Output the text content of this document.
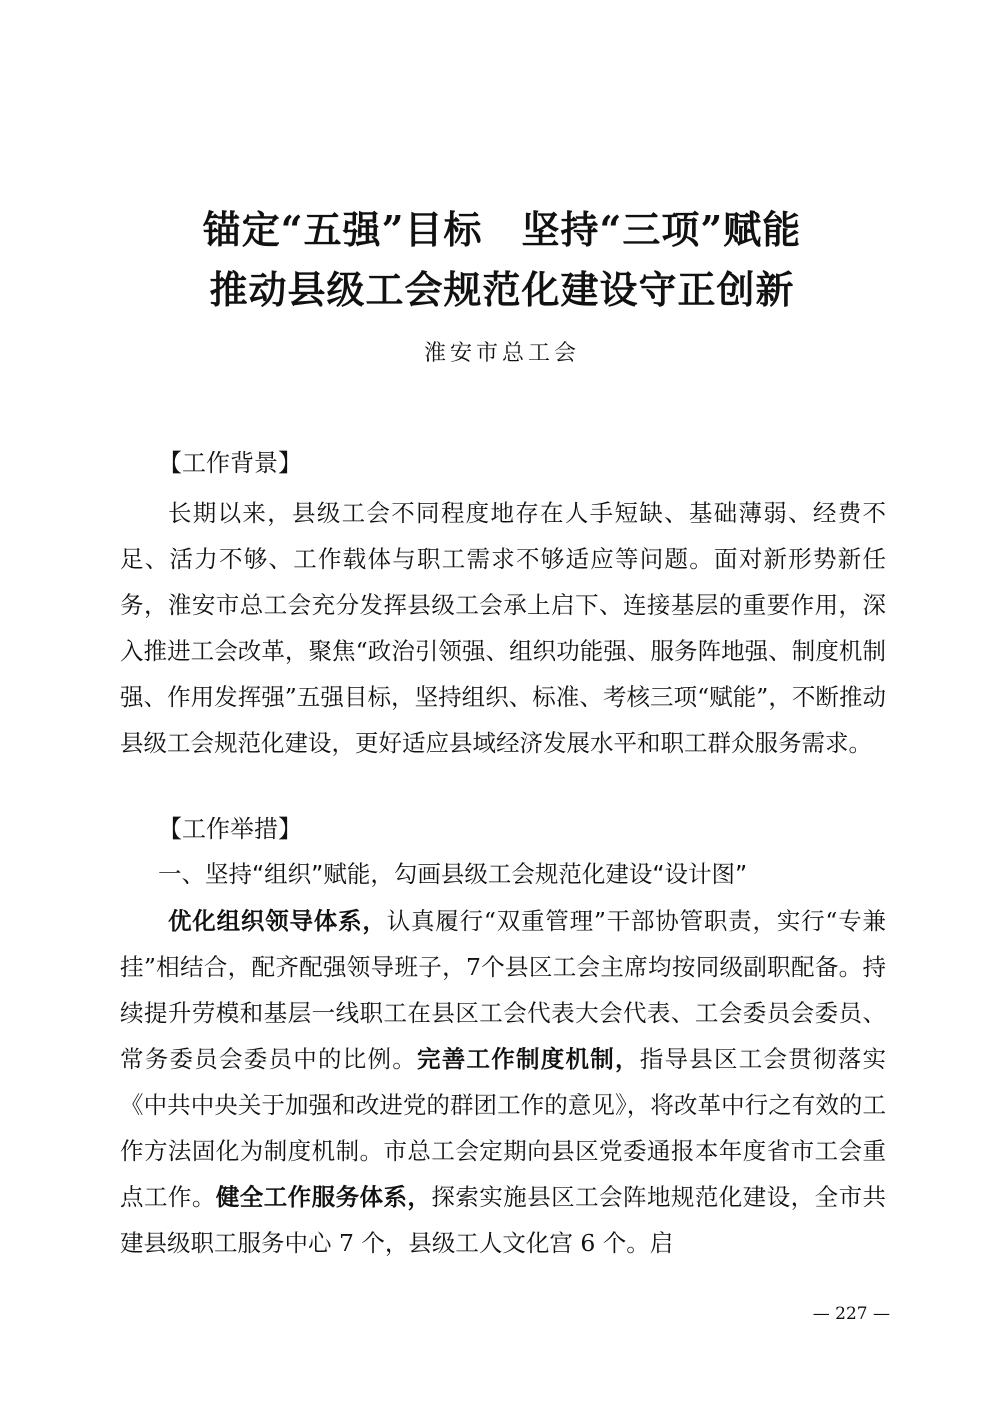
锚定“五强”目标　坚持“三项”赋能
推动县级工会规范化建设守正创新
淮安市总工会
【工作背景】

长期以来，县级工会不同程度地存在人手短缺、基础薄弱、经费不足、活力不够、工作载体与职工需求不够适应等问题。面对新形势新任务，淮安市总工会充分发挥县级工会承上启下、连接基层的重要作用，深入推进工会改革，聚焦“政治引领强、组织功能强、服务阵地强、制度机制强、作用发挥强”五强目标，坚持组织、标准、考核三项“赋能”，不断推动县级工会规范化建设，更好适应县域经济发展水平和职工群众服务需求。

【工作举措】
一、坚持“组织”赋能，勾画县级工会规范化建设“设计图”

优化组织领导体系，认真履行“双重管理”干部协管职责，实行“专兼挂”相结合，配齐配强领导班子，7个县区工会主席均按同级副职配备。持续提升劳模和基层一线职工在县区工会代表大会代表、工会委员会委员、常务委员会委员中的比例。完善工作制度机制，指导县区工会贯彻落实《中共中央关于加强和改进党的群团工作的意见》，将改革中行之有效的工作方法固化为制度机制。市总工会定期向县区党委通报本年度省市工会重点工作。健全工作服务体系，探索实施县区工会阵地规范化建设，全市共建县级职工服务中心 7 个，县级工人文化宫 6 个。启

— 227 —
